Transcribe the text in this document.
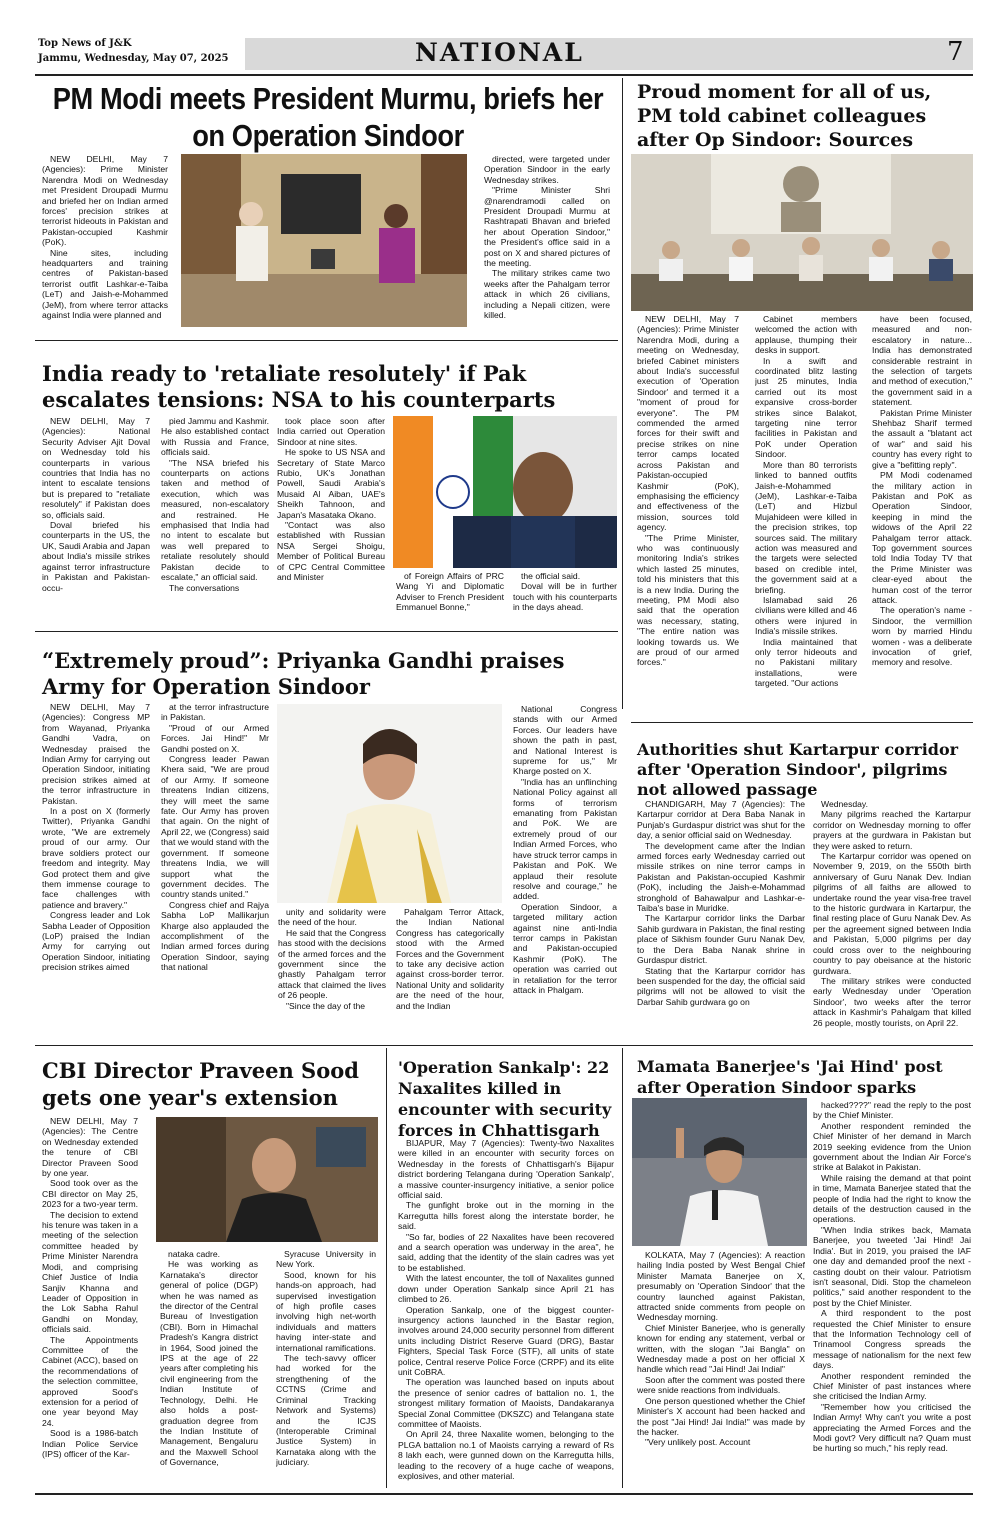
Top News of J&K
Jammu, Wednesday, May 07, 2025	NATIONAL	7
PM Modi meets President Murmu, briefs her on Operation Sindoor

NEW DELHI, May 7 (Agencies): Prime Minister Narendra Modi on Wednesday met President Droupadi Murmu and briefed her on Indian armed forces' precision strikes at terrorist hideouts in Pakistan and Pakistan-occupied Kashmir (PoK).

Nine sites, including headquarters and training centres of Pakistan-based terrorist outfit Lashkar-e-Taiba (LeT) and Jaish-e-Mohammed (JeM), from where terror attacks against India were planned and

directed, were targeted under Operation Sindoor in the early Wednesday strikes.

"Prime Minister Shri @narendramodi called on President Droupadi Murmu at Rashtrapati Bhavan and briefed her about Operation Sindoor," the President's office said in a post on X and shared pictures of the meeting.

The military strikes came two weeks after the Pahalgam terror attack in which 26 civilians, including a Nepali citizen, were killed.

Proud moment for all of us, PM told cabinet colleagues after Op Sindoor: Sources

NEW DELHI, May 7 (Agencies): Prime Minister Narendra Modi, during a meeting on Wednesday, briefed Cabinet ministers about India's successful execution of 'Operation Sindoor' and termed it a "moment of proud for everyone". The PM commended the armed forces for their swift and precise strikes on nine terror camps located across Pakistan and Pakistan-occupied Kashmir (PoK), emphasising the efficiency and effectiveness of the mission, sources told agency.

"The Prime Minister, who was continuously monitoring India's strikes which lasted 25 minutes, told his ministers that this is a new India. During the meeting, PM Modi also said that the operation was necessary, stating, "The entire nation was looking towards us. We are proud of our armed forces."

Cabinet members welcomed the action with applause, thumping their desks in support.

In a swift and coordinated blitz lasting just 25 minutes, India carried out its most expansive cross-border strikes since Balakot, targeting nine terror facilities in Pakistan and PoK under Operation Sindoor.

More than 80 terrorists linked to banned outfits Jaish-e-Mohammed (JeM), Lashkar-e-Taiba (LeT) and Hizbul Mujahideen were killed in the precision strikes, top sources said. The military action was measured and the targets were selected based on credible intel, the government said at a briefing.

Islamabad said 26 civilians were killed and 46 others were injured in India's missile strikes.

India maintained that only terror hideouts and no Pakistani military installations, were targeted. "Our actions

have been focused, measured and non-escalatory in nature... India has demonstrated considerable restraint in the selection of targets and method of execution," the government said in a statement.

Pakistan Prime Minister Shehbaz Sharif termed the assault a "blatant act of war" and said his country has every right to give a "befitting reply".

PM Modi codenamed the military action in Pakistan and PoK as Operation Sindoor, keeping in mind the widows of the April 22 Pahalgam terror attack. Top government sources told India Today TV that the Prime Minister was clear-eyed about the human cost of the terror attack.

The operation's name - Sindoor, the vermillion worn by married Hindu women - was a deliberate invocation of grief, memory and resolve.

India ready to 'retaliate resolutely' if Pak escalates tensions: NSA to his counterparts

NEW DELHI, May 7 (Agencies): National Security Adviser Ajit Doval on Wednesday told his counterparts in various countries that India has no intent to escalate tensions but is prepared to "retaliate resolutely" if Pakistan does so, officials said.

Doval briefed his counterparts in the US, the UK, Saudi Arabia and Japan about India's missile strikes against terror infrastructure in Pakistan and Pakistan-occu-

pied Jammu and Kashmir. He also established contact with Russia and France, officials said.

"The NSA briefed his counterparts on actions taken and method of execution, which was measured, non-escalatory and restrained. He emphasised that India had no intent to escalate but was well prepared to retaliate resolutely should Pakistan decide to escalate," an official said.

The conversations

took place soon after India carried out Operation Sindoor at nine sites.

He spoke to US NSA and Secretary of State Marco Rubio, UK's Jonathan Powell, Saudi Arabia's Musaid Al Aiban, UAE's Sheikh Tahnoon, and Japan's Masataka Okano.

"Contact was also established with Russian NSA Sergei Shoigu, Member of Political Bureau of CPC Central Committee and Minister	of Foreign Affairs of PRC Wang Yi and Diplomatic Adviser to French President Emmanuel Bonne,"

the official said.

Doval will be in further touch with his counterparts in the days ahead.

“Extremely proud”: Priyanka Gandhi praises Army for Operation Sindoor

NEW DELHI, May 7 (Agencies): Congress MP from Wayanad, Priyanka Gandhi Vadra, on Wednesday praised the Indian Army for carrying out Operation Sindoor, initiating precision strikes aimed at the terror infrastructure in Pakistan.

In a post on X (formerly Twitter), Priyanka Gandhi wrote, "We are extremely proud of our army. Our brave soldiers protect our freedom and integrity. May God protect them and give them immense courage to face challenges with patience and bravery."

Congress leader and Lok Sabha Leader of Opposition (LoP) praised the Indian Army for carrying out Operation Sindoor, initiating precision strikes aimed

at the terror infrastructure in Pakistan.

"Proud of our Armed Forces. Jai Hind!" Mr Gandhi posted on X.

Congress leader Pawan Khera said, "We are proud of our Army. If someone threatens Indian citizens, they will meet the same fate. Our Army has proven that again. On the night of April 22, we (Congress) said that we would stand with the government. If someone threatens India, we will support what the government decides. The country stands united."

Congress chief and Rajya Sabha LoP Mallikarjun Kharge also applauded the accomplishment of the Indian armed forces during Operation Sindoor, saying that national

unity and solidarity were the need of the hour.

He said that the Congress has stood with the decisions of the armed forces and the government since the ghastly Pahalgam terror attack that claimed the lives of 26 people.

"Since the day of the

Pahalgam Terror Attack, the Indian National Congress has categorically stood with the Armed Forces and the Government to take any decisive action against cross-border terror. National Unity and solidarity are the need of the hour, and the Indian

National Congress stands with our Armed Forces. Our leaders have shown the path in past, and National Interest is supreme for us," Mr Kharge posted on X.

"India has an unflinching National Policy against all forms of terrorism emanating from Pakistan and PoK. We are extremely proud of our Indian Armed Forces, who have struck terror camps in Pakistan and PoK. We applaud their resolute resolve and courage," he added.

Operation Sindoor, a targeted military action against nine anti-India terror camps in Pakistan and Pakistan-occupied Kashmir (PoK). The operation was carried out in retaliation for the terror attack in Phalgam.

Authorities shut Kartarpur corridor after 'Operation Sindoor', pilgrims not allowed passage

CHANDIGARH, May 7 (Agencies): The Kartarpur corridor at Dera Baba Nanak in Punjab's Gurdaspur district was shut for the day, a senior official said on Wednesday.

The development came after the Indian armed forces early Wednesday carried out missile strikes on nine terror camps in Pakistan and Pakistan-occupied Kashmir (PoK), including the Jaish-e-Mohammad stronghold of Bahawalpur and Lashkar-e-Taiba's base in Muridke.

The Kartarpur corridor links the Darbar Sahib gurdwara in Pakistan, the final resting place of Sikhism founder Guru Nanak Dev, to the Dera Baba Nanak shrine in Gurdaspur district.

Stating that the Kartarpur corridor has been suspended for the day, the official said pilgrims will not be allowed to visit the Darbar Sahib gurdwara go on

Wednesday.

Many pilgrims reached the Kartarpur corridor on Wednesday morning to offer prayers at the gurdwara in Pakistan but they were asked to return.

The Kartarpur corridor was opened on November 9, 2019, on the 550th birth anniversary of Guru Nanak Dev. Indian pilgrims of all faiths are allowed to undertake round the year visa-free travel to the historic gurdwara in Kartarpur, the final resting place of Guru Nanak Dev. As per the agreement signed between India and Pakistan, 5,000 pilgrims per day could cross over to the neighbouring country to pay obeisance at the historic gurdwara.

The military strikes were conducted early Wednesday under 'Operation Sindoor', two weeks after the terror attack in Kashmir's Pahalgam that killed 26 people, mostly tourists, on April 22.

CBI Director Praveen Sood gets one year's extension

NEW DELHI, May 7 (Agencies): The Centre on Wednesday extended the tenure of CBI Director Praveen Sood by one year.

Sood took over as the CBI director on May 25, 2023 for a two-year term.

The decision to extend his tenure was taken in a meeting of the selection committee headed by Prime Minister Narendra Modi, and comprising Chief Justice of India Sanjiv Khanna and Leader of Opposition in the Lok Sabha Rahul Gandhi on Monday, officials said.

The Appointments Committee of the Cabinet (ACC), based on the recommendations of the selection committee, approved Sood's extension for a period of one year beyond May 24.

Sood is a 1986-batch Indian Police Service (IPS) officer of the Kar-

nataka cadre.

He was working as Karnataka's director general of police (DGP) when he was named as the director of the Central Bureau of Investigation (CBI). Born in Himachal Pradesh's Kangra district in 1964, Sood joined the IPS at the age of 22 years after completing his civil engineering from the Indian Institute of Technology, Delhi. He also holds a post-graduation degree from the Indian Institute of Management, Bengaluru and the Maxwell School of Governance,

Syracuse University in New York.

Sood, known for his hands-on approach, had supervised investigation of high profile cases involving high net-worth individuals and matters having inter-state and international ramifications.

The tech-savvy officer had worked for the strengthening of the CCTNS (Crime and Criminal Tracking Network and Systems) and the ICJS (Interoperable Criminal Justice System) in Karnataka along with the judiciary.

'Operation Sankalp': 22 Naxalites killed in encounter with security forces in Chhattisgarh

BIJAPUR, May 7 (Agencies): Twenty-two Naxalites were killed in an encounter with security forces on Wednesday in the forests of Chhattisgarh's Bijapur district bordering Telangana during 'Operation Sankalp', a massive counter-insurgency initiative, a senior police official said.

The gunfight broke out in the morning in the Karregutta hills forest along the interstate border, he said.

"So far, bodies of 22 Naxalites have been recovered and a search operation was underway in the area", he said, adding that the identity of the slain cadres was yet to be established.

With the latest encounter, the toll of Naxalites gunned down under Operation Sankalp since April 21 has climbed to 26.

Operation Sankalp, one of the biggest counter-insurgency actions launched in the Bastar region, involves around 24,000 security personnel from different units including District Reserve Guard (DRG), Bastar Fighters, Special Task Force (STF), all units of state police, Central reserve Police Force (CRPF) and its elite unit CoBRA.

The operation was launched based on inputs about the presence of senior cadres of battalion no. 1, the strongest military formation of Maoists, Dandakaranya Special Zonal Committee (DKSZC) and Telangana state committee of Maoists.

On April 24, three Naxalite women, belonging to the PLGA battalion no.1 of Maoists carrying a reward of Rs 8 lakh each, were gunned down on the Karregutta hills, leading to the recovery of a huge cache of weapons, explosives, and other material.

Mamata Banerjee's 'Jai Hind' post after Operation Sindoor sparks

KOLKATA, May 7 (Agencies): A reaction hailing India posted by West Bengal Chief Minister Mamata Banerjee on X, presumably on 'Operation Sindoor' that the country launched against Pakistan, attracted snide comments from people on Wednesday morning.

Chief Minister Banerjee, who is generally known for ending any statement, verbal or written, with the slogan "Jai Bangla" on Wednesday made a post on her official X handle which read "Jai Hind! Jai Indial"

Soon after the comment was posted there were snide reactions from individuals.

One person questioned whether the Chief Minister's X account had been hacked and the post "Jai Hind! Jai India!" was made by the hacker.

"Very unlikely post. Account

hacked????" read the reply to the post by the Chief Minister.

Another respondent reminded the Chief Minister of her demand in March 2019 seeking evidence from the Union government about the Indian Air Force's strike at Balakot in Pakistan.

While raising the demand at that point in time, Mamata Banerjee stated that the people of India had the right to know the details of the destruction caused in the operations.

"When India strikes back, Mamata Banerjee, you tweeted 'Jai Hind! Jai India'. But in 2019, you praised the IAF one day and demanded proof the next - casting doubt on their valour. Patriotism isn't seasonal, Didi. Stop the chameleon politics," said another respondent to the post by the Chief Minister.

A third respondent to the post requested the Chief Minister to ensure that the Information Technology cell of Trinamool Congress spreads the message of nationalism for the next few days.

Another respondent reminded the Chief Minister of past instances where she criticised the Indian Army.

"Remember how you criticised the Indian Army! Why can't you write a post appreciating the Armed Forces and the Modi govt? Very difficult na? Quam must be hurting so much," his reply read.
